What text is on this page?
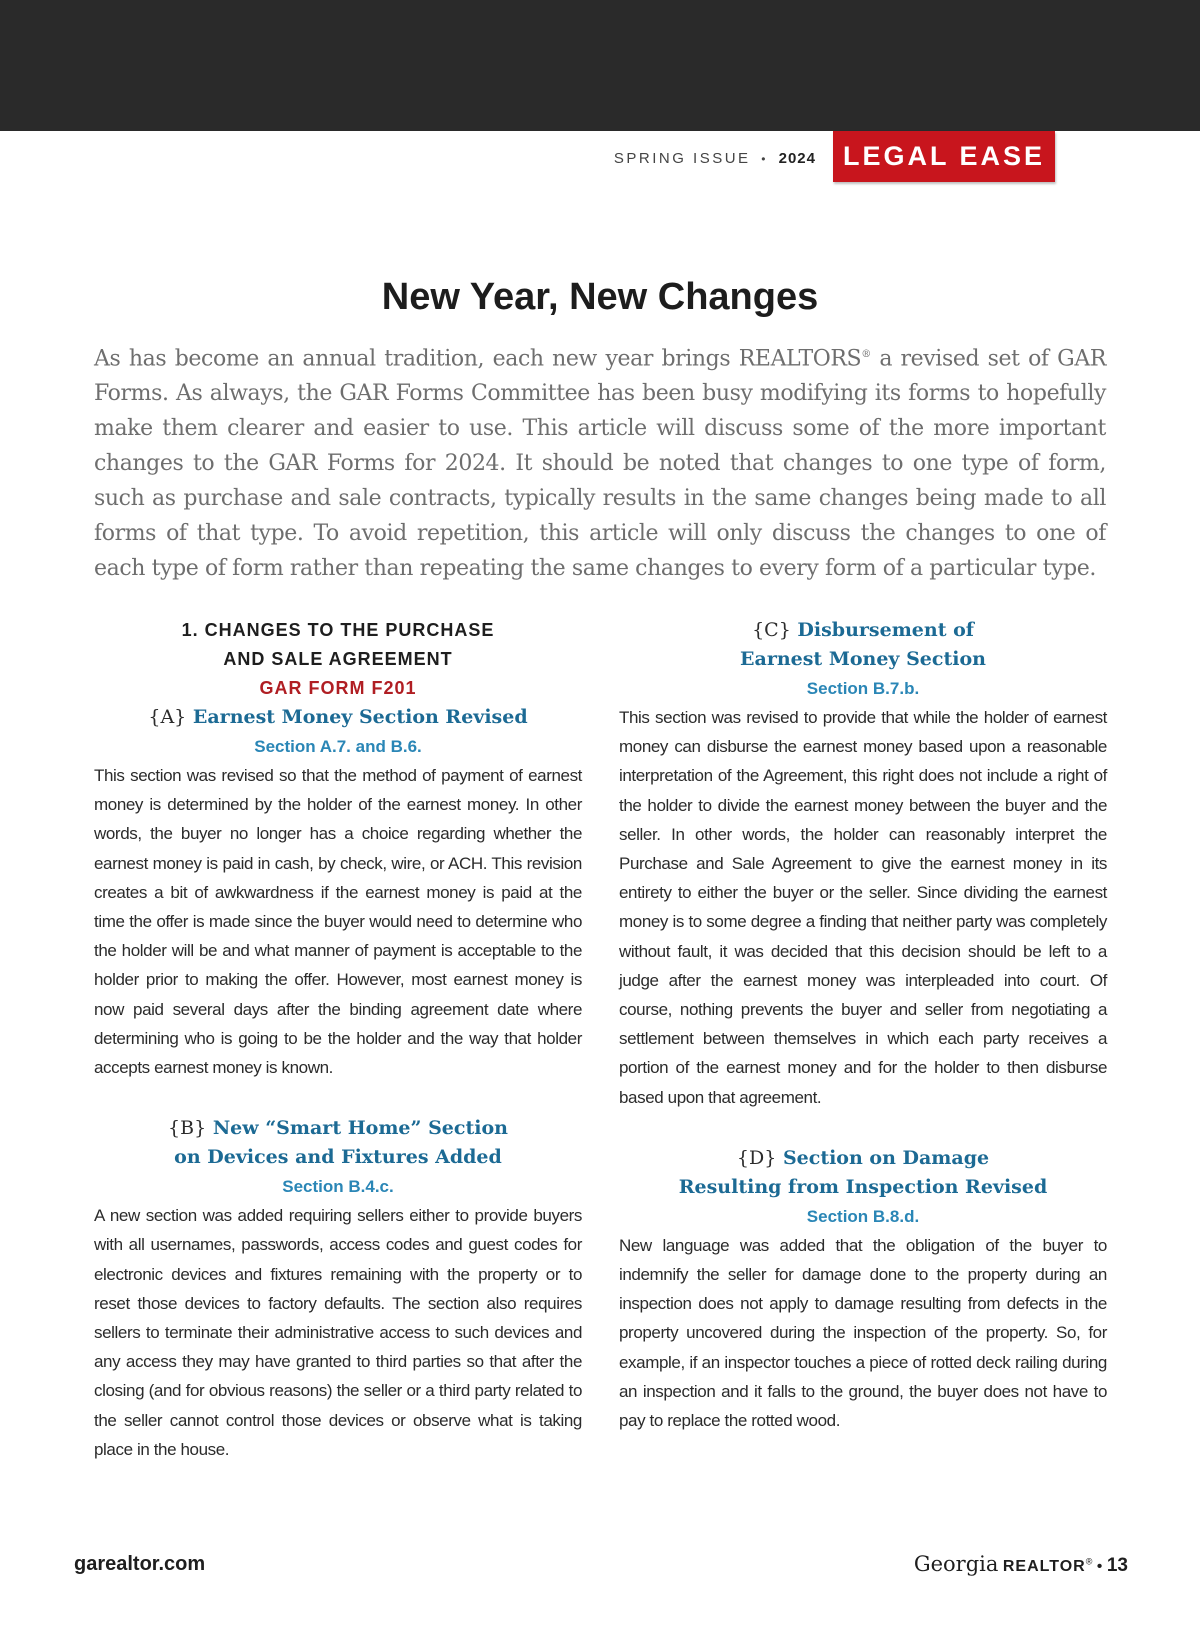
SPRING ISSUE • 2024 LEGAL EASE
New Year, New Changes

As has become an annual tradition, each new year brings REALTORS® a revised set of GAR Forms. As always, the GAR Forms Committee has been busy modifying its forms to hopefully make them clearer and easier to use. This article will discuss some of the more important changes to the GAR Forms for 2024. It should be noted that changes to one type of form, such as purchase and sale contracts, typically results in the same changes being made to all forms of that type. To avoid repetition, this article will only discuss the changes to one of each type of form rather than repeating the same changes to every form of a particular type.

1. CHANGES TO THE PURCHASE
AND SALE AGREEMENT
GAR FORM F201
{A} Earnest Money Section Revised
Section A.7. and B.6.

This section was revised so that the method of payment of earnest money is determined by the holder of the earnest money. In other words, the buyer no longer has a choice regarding whether the earnest money is paid in cash, by check, wire, or ACH. This revision creates a bit of awkwardness if the earnest money is paid at the time the offer is made since the buyer would need to determine who the holder will be and what manner of payment is acceptable to the holder prior to making the offer. However, most earnest money is now paid several days after the binding agreement date where determining who is going to be the holder and the way that holder accepts earnest money is known.

{B} New “Smart Home” Section
on Devices and Fixtures Added
Section B.4.c.

A new section was added requiring sellers either to provide buyers with all usernames, passwords, access codes and guest codes for electronic devices and fixtures remaining with the property or to reset those devices to factory defaults. The section also requires sellers to terminate their administrative access to such devices and any access they may have granted to third parties so that after the closing (and for obvious reasons) the seller or a third party related to the seller cannot control those devices or observe what is taking place in the house.

{C} Disbursement of
Earnest Money Section
Section B.7.b.

This section was revised to provide that while the holder of earnest money can disburse the earnest money based upon a reasonable interpretation of the Agreement, this right does not include a right of the holder to divide the earnest money between the buyer and the seller. In other words, the holder can reasonably interpret the Purchase and Sale Agreement to give the earnest money in its entirety to either the buyer or the seller. Since dividing the earnest money is to some degree a finding that neither party was completely without fault, it was decided that this decision should be left to a judge after the earnest money was interpleaded into court. Of course, nothing prevents the buyer and seller from negotiating a settlement between themselves in which each party receives a portion of the earnest money and for the holder to then disburse based upon that agreement.

{D} Section on Damage
Resulting from Inspection Revised
Section B.8.d.

New language was added that the obligation of the buyer to indemnify the seller for damage done to the property during an inspection does not apply to damage resulting from defects in the property uncovered during the inspection of the property. So, for example, if an inspector touches a piece of rotted deck railing during an inspection and it falls to the ground, the buyer does not have to pay to replace the rotted wood.

garealtor.com	Georgia REALTOR® • 13
